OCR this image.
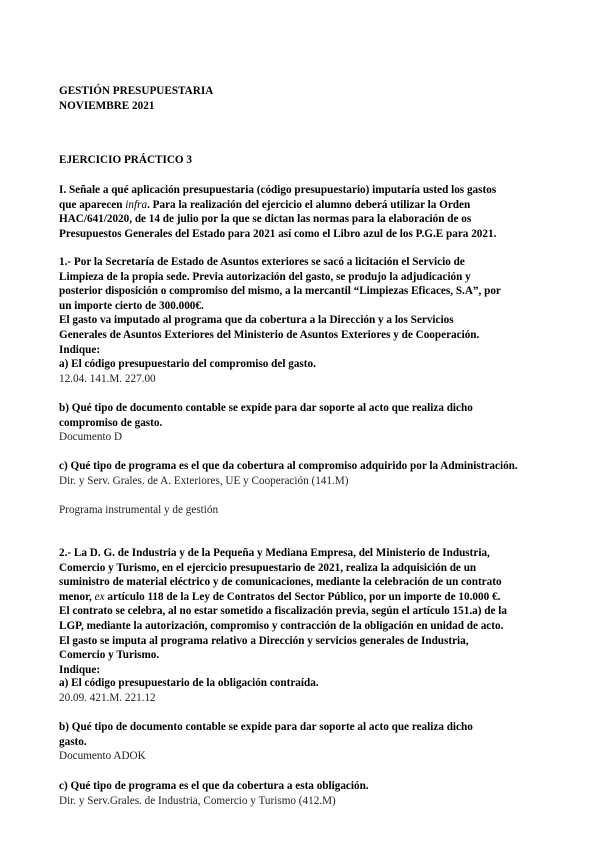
GESTIÓN PRESUPUESTARIA
NOVIEMBRE 2021
EJERCICIO PRÁCTICO 3
I. Señale a qué aplicación presupuestaria (código presupuestario) imputaría usted los gastos
que aparecen infra. Para la realización del ejercicio el alumno deberá utilizar la Orden
HAC/641/2020, de 14 de julio por la que se dictan las normas para la elaboración de os
Presupuestos Generales del Estado para 2021 así como el Libro azul de los P.G.E para 2021.
1.- Por la Secretaría de Estado de Asuntos exteriores se sacó a licitación el Servicio de
Limpieza de la propia sede. Previa autorización del gasto, se produjo la adjudicación y
posterior disposición o compromiso del mismo, a la mercantil “Limpiezas Eficaces, S.A”, por
un importe cierto de 300.000€.
El gasto va imputado al programa que da cobertura a la Dirección y a los Servicios
Generales de Asuntos Exteriores del Ministerio de Asuntos Exteriores y de Cooperación.
Indique:
a) El código presupuestario del compromiso del gasto.
12.04. 141.M. 227.00
b) Qué tipo de documento contable se expide para dar soporte al acto que realiza dicho
compromiso de gasto.
Documento D
c) Qué tipo de programa es el que da cobertura al compromiso adquirido por la Administración.
Dir. y Serv. Grales. de A. Exteriores, UE y Cooperación (141.M)
Programa instrumental y de gestión
2.- La D. G. de Industria y de la Pequeña y Mediana Empresa, del Ministerio de Industria,
Comercio y Turismo, en el ejercicio presupuestario de 2021, realiza la adquisición de un
suministro de material eléctrico y de comunicaciones, mediante la celebración de un contrato
menor, ex artículo 118 de la Ley de Contratos del Sector Público, por un importe de 10.000 €.
El contrato se celebra, al no estar sometido a fiscalización previa, según el artículo 151.a) de la
LGP, mediante la autorización, compromiso y contracción de la obligación en unidad de acto.
El gasto se imputa al programa relativo a Dirección y servicios generales de Industria,
Comercio y Turismo.
Indique:
a) El código presupuestario de la obligación contraída.
20.09. 421.M. 221.12
b) Qué tipo de documento contable se expide para dar soporte al acto que realiza dicho
gasto.
Documento ADOK
c) Qué tipo de programa es el que da cobertura a esta obligación.
Dir. y Serv.Grales. de Industria, Comercio y Turismo (412.M)
